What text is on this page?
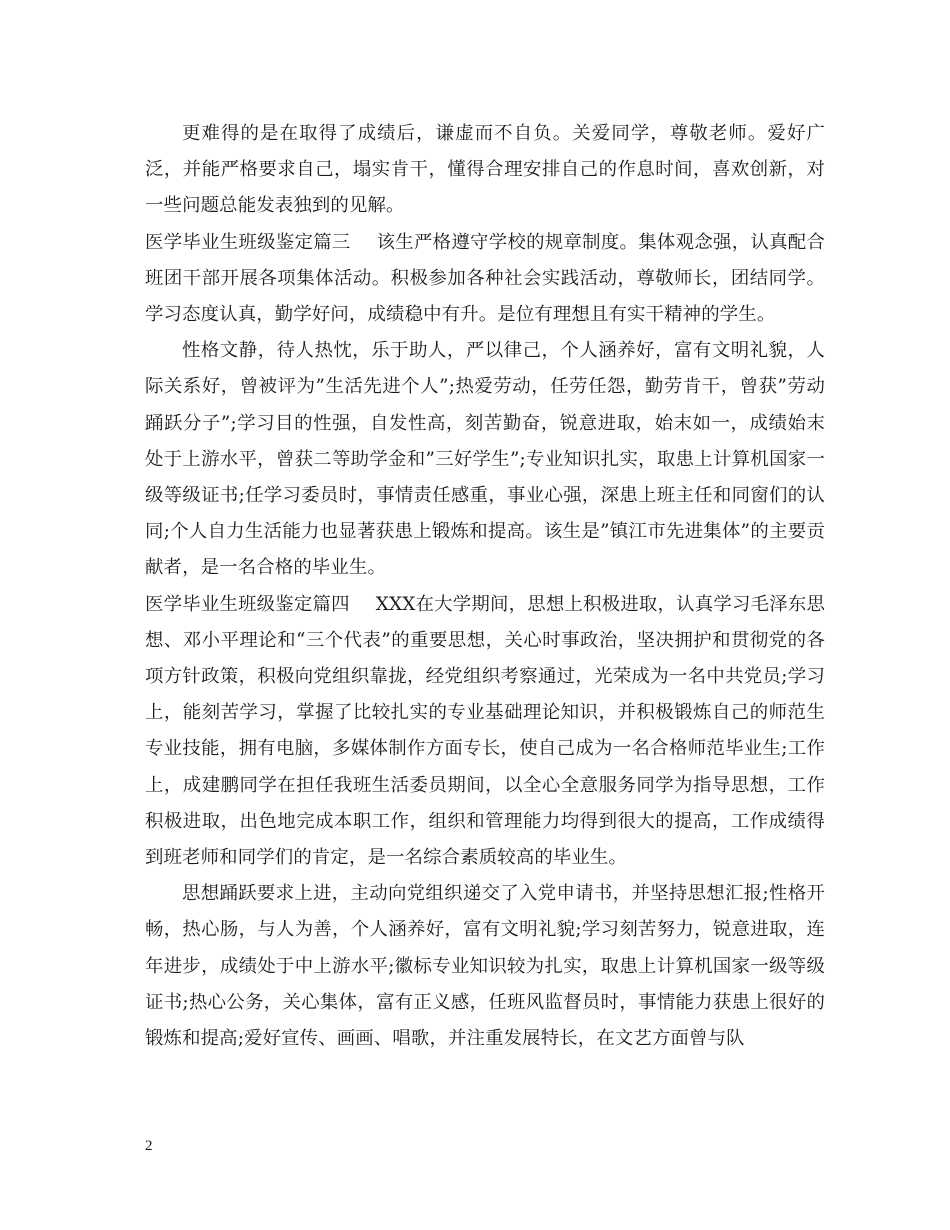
更难得的是在取得了成绩后，谦虚而不自负。关爱同学，尊敬老师。爱好广泛，并能严格要求自己，塌实肯干，懂得合理安排自己的作息时间，喜欢创新，对一些问题总能发表独到的见解。

医学毕业生班级鉴定篇三 该生严格遵守学校的规章制度。集体观念强，认真配合班团干部开展各项集体活动。积极参加各种社会实践活动，尊敬师长，团结同学。学习态度认真，勤学好问，成绩稳中有升。是位有理想且有实干精神的学生。

性格文静，待人热忱，乐于助人，严以律己，个人涵养好，富有文明礼貌，人际关系好，曾被评为”生活先进个人”;热爱劳动，任劳任怨，勤劳肯干，曾获”劳动踊跃分子”;学习目的性强，自发性高，刻苦勤奋，锐意进取，始末如一，成绩始末处于上游水平，曾获二等助学金和”三好学生”;专业知识扎实，取患上计算机国家一级等级证书;任学习委员时，事情责任感重，事业心强，深患上班主任和同窗们的认同;个人自力生活能力也显著获患上锻炼和提高。该生是”镇江市先进集体”的主要贡献者，是一名合格的毕业生。

医学毕业生班级鉴定篇四 XXX在大学期间，思想上积极进取，认真学习毛泽东思想、邓小平理论和“三个代表”的重要思想，关心时事政治，坚决拥护和贯彻党的各项方针政策，积极向党组织靠拢，经党组织考察通过，光荣成为一名中共党员;学习上，能刻苦学习，掌握了比较扎实的专业基础理论知识，并积极锻炼自己的师范生专业技能，拥有电脑，多媒体制作方面专长，使自己成为一名合格师范毕业生;工作上，成建鹏同学在担任我班生活委员期间，以全心全意服务同学为指导思想，工作积极进取，出色地完成本职工作，组织和管理能力均得到很大的提高，工作成绩得到班老师和同学们的肯定，是一名综合素质较高的毕业生。

思想踊跃要求上进，主动向党组织递交了入党申请书，并坚持思想汇报;性格开畅，热心肠，与人为善，个人涵养好，富有文明礼貌;学习刻苦努力，锐意进取，连年进步，成绩处于中上游水平;徽标专业知识较为扎实，取患上计算机国家一级等级证书;热心公务，关心集体，富有正义感，任班风监督员时，事情能力获患上很好的锻炼和提高;爱好宣传、画画、唱歌，并注重发展特长，在文艺方面曾与队

2
